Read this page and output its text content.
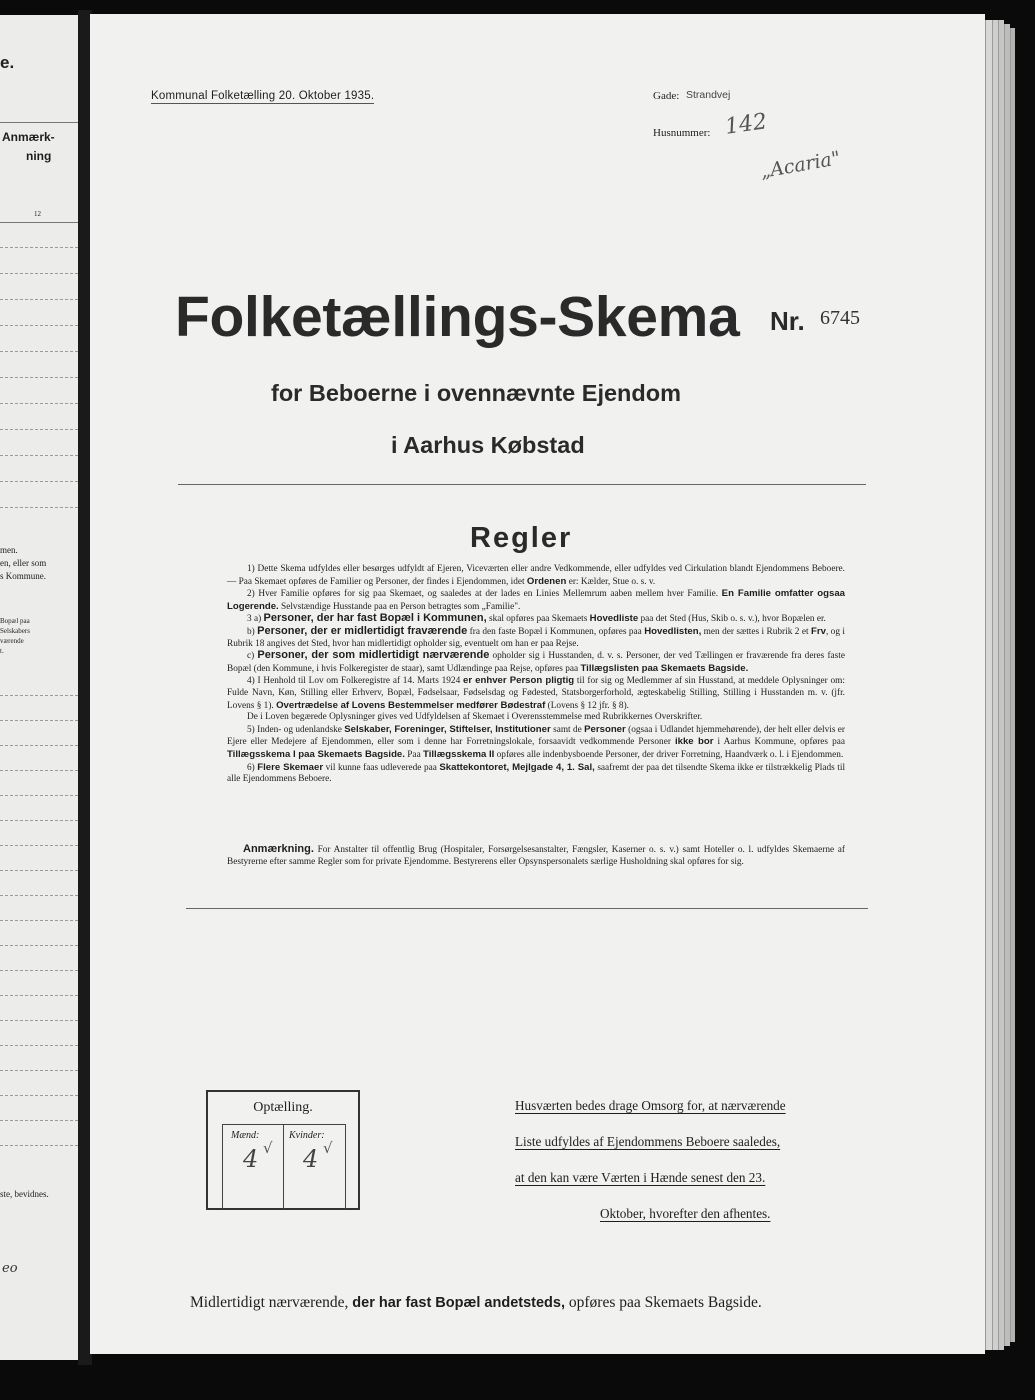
e.
Anmærk-
ning
12
men.
en, eller som
s Kommune.
Bopæl paa
Selskabers
værende
t.
ste, bevidnes.
eo
Kommunal Folketælling 20. Oktober 1935.	Gade: Strandvej
Husnummer: 142
„Acaria"
Folketællings-Skema Nr. 6745
for Beboerne i ovennævnte Ejendom
i Aarhus Købstad
Regler

1) Dette Skema udfyldes eller besørges udfyldt af Ejeren, Viceværten eller andre Vedkommende, eller udfyldes ved Cirkulation blandt Ejendommens Beboere. — Paa Skemaet opføres de Familier og Personer, der findes i Ejendommen, idet Ordenen er: Kælder, Stue o. s. v.

2) Hver Familie opføres for sig paa Skemaet, og saaledes at der lades en Linies Mellemrum aaben mellem hver Familie. En Familie omfatter ogsaa Logerende. Selvstændige Husstande paa en Person betragtes som „Familie".

3 a) Personer, der har fast Bopæl i Kommunen, skal opføres paa Skemaets Hovedliste paa det Sted (Hus, Skib o. s. v.), hvor Bopælen er.

b) Personer, der er midlertidigt fraværende fra den faste Bopæl i Kommunen, opføres paa Hovedlisten, men der sættes i Rubrik 2 et Frv, og i Rubrik 18 angives det Sted, hvor han midlertidigt opholder sig, eventuelt om han er paa Rejse.

c) Personer, der som midlertidigt nærværende opholder sig i Husstanden, d. v. s. Personer, der ved Tællingen er fraværende fra deres faste Bopæl (den Kommune, i hvis Folkeregister de staar), samt Udlændinge paa Rejse, opføres paa Tillægslisten paa Skemaets Bagside.

4) I Henhold til Lov om Folkeregistre af 14. Marts 1924 er enhver Person pligtig til for sig og Medlemmer af sin Husstand, at meddele Oplysninger om: Fulde Navn, Køn, Stilling eller Erhverv, Bopæl, Fødselsaar, Fødselsdag og Fødested, Statsborgerforhold, ægteskabelig Stilling, Stilling i Husstanden m. v. (jfr. Lovens § 1). Overtrædelse af Lovens Bestemmelser medfører Bødestraf (Lovens § 12 jfr. § 8).

De i Loven begærede Oplysninger gives ved Udfyldelsen af Skemaet i Overensstemmelse med Rubrikkernes Overskrifter.

5) Inden- og udenlandske Selskaber, Foreninger, Stiftelser, Institutioner samt de Personer (ogsaa i Udlandet hjemmehørende), der helt eller delvis er Ejere eller Medejere af Ejendommen, eller som i denne har Forretningslokale, forsaavidt vedkommende Personer ikke bor i Aarhus Kommune, opføres paa Tillægsskema I paa Skemaets Bagside. Paa Tillægsskema II opføres alle indenbysboende Personer, der driver Forretning, Haandværk o. l. i Ejendommen.

6) Flere Skemaer vil kunne faas udleverede paa Skattekontoret, Mejlgade 4, 1. Sal, saafremt der paa det tilsendte Skema ikke er tilstrækkelig Plads til alle Ejendommens Beboere.

Anmærkning. For Anstalter til offentlig Brug (Hospitaler, Forsørgelsesanstalter, Fængsler, Kaserner o. s. v.) samt Hoteller o. l. udfyldes Skemaerne af Bestyrerne efter samme Regler som for private Ejendomme. Bestyrerens eller Opsynspersonalets særlige Husholdning skal opføres for sig.

Optælling.
Mænd:	Kvinder:
4 √ 4 √
Husværten bedes drage Omsorg for, at nærværende
Liste udfyldes af Ejendommens Beboere saaledes,
at den kan være Værten i Hænde senest den 23.
Oktober, hvorefter den afhentes.
Midlertidigt nærværende, der har fast Bopæl andetsteds, opføres paa Skemaets Bagside.
